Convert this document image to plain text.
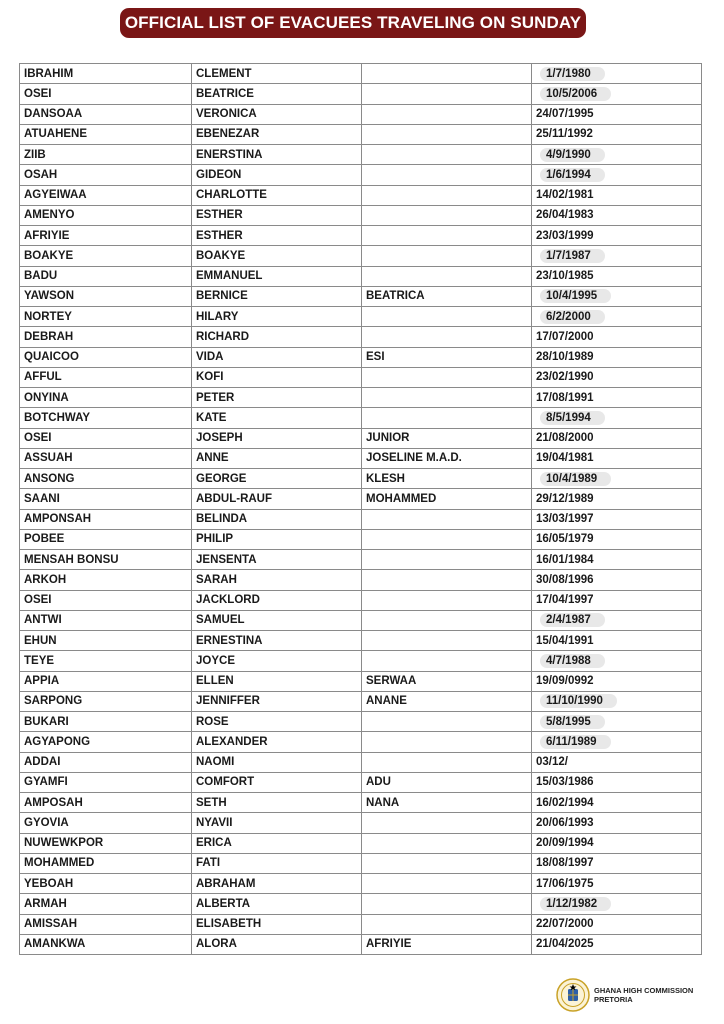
OFFICIAL LIST OF EVACUEES TRAVELING ON SUNDAY
IBRAHIM	CLEMENT		1/7/1980
OSEI	BEATRICE		10/5/2006
DANSOAA	VERONICA		24/07/1995
ATUAHENE	EBENEZAR		25/11/1992
ZIIB	ENERSTINA		4/9/1990
OSAH	GIDEON		1/6/1994
AGYEIWAA	CHARLOTTE		14/02/1981
AMENYO	ESTHER		26/04/1983
AFRIYIE	ESTHER		23/03/1999
BOAKYE	BOAKYE		1/7/1987
BADU	EMMANUEL		23/10/1985
YAWSON	BERNICE	BEATRICA	10/4/1995
NORTEY	HILARY		6/2/2000
DEBRAH	RICHARD		17/07/2000
QUAICOO	VIDA	ESI	28/10/1989
AFFUL	KOFI		23/02/1990
ONYINA	PETER		17/08/1991
BOTCHWAY	KATE		8/5/1994
OSEI	JOSEPH	JUNIOR	21/08/2000
ASSUAH	ANNE	JOSELINE M.A.D.	19/04/1981
ANSONG	GEORGE	KLESH	10/4/1989
SAANI	ABDUL-RAUF	MOHAMMED	29/12/1989
AMPONSAH	BELINDA		13/03/1997
POBEE	PHILIP		16/05/1979
MENSAH BONSU	JENSENTA		16/01/1984
ARKOH	SARAH		30/08/1996
OSEI	JACKLORD		17/04/1997
ANTWI	SAMUEL		2/4/1987
EHUN	ERNESTINA		15/04/1991
TEYE	JOYCE		4/7/1988
APPIA	ELLEN	SERWAA	19/09/0992
SARPONG	JENNIFFER	ANANE	11/10/1990
BUKARI	ROSE		5/8/1995
AGYAPONG	ALEXANDER		6/11/1989
ADDAI	NAOMI		03/12/
GYAMFI	COMFORT	ADU	15/03/1986
AMPOSAH	SETH	NANA	16/02/1994
GYOVIA	NYAVII		20/06/1993
NUWEWKPOR	ERICA		20/09/1994
MOHAMMED	FATI		18/08/1997
YEBOAH	ABRAHAM		17/06/1975
ARMAH	ALBERTA		1/12/1982
AMISSAH	ELISABETH		22/07/2000
AMANKWA	ALORA	AFRIYIE	21/04/2025
GHANA HIGH COMMISSION
PRETORIA
